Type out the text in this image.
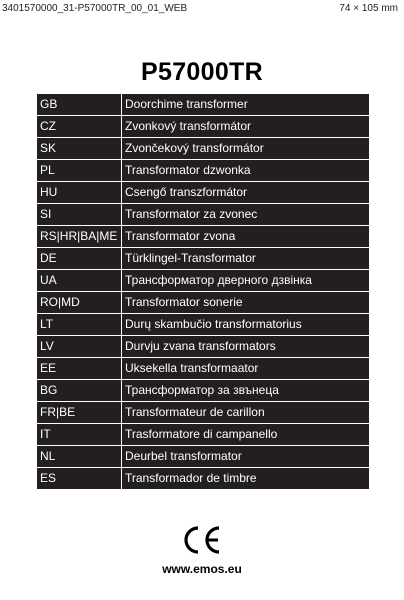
3401570000_31-P57000TR_00_01_WEB	74 × 105 mm
P57000TR
GB	Doorchime transformer
CZ	Zvonkový transformátor
SK	Zvončekový transformátor
PL	Transformator dzwonka
HU	Csengő transzformátor
SI	Transformator za zvonec
RS|HR|BA|ME	Transformator zvona
DE	Türklingel-Transformator
UA	Трансформатор дверного дзвінка
RO|MD	Transformator sonerie
LT	Durų skambučio transformatorius
LV	Durvju zvana transformators
EE	Uksekella transformaator
BG	Трансформатор за звънеца
FR|BE	Transformateur de carillon
IT	Trasformatore di campanello
NL	Deurbel transformator
ES	Transformador de timbre
www.emos.eu
